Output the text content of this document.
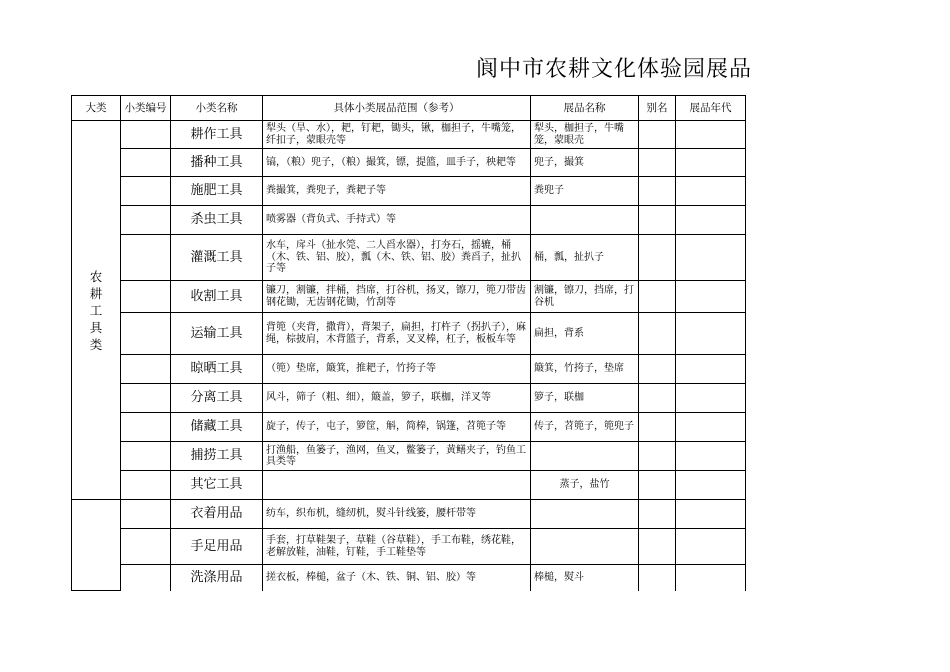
阆中市农耕文化体验园展品
大类	小类编号	小类名称	具体小类展品范围（参考）	展品名称	别名	展品年代
农耕工具类		耕作工具	犁头（旱、水），耙，钉耙，锄头，锹，枷担子，牛嘴笼，纤扣子，蒙眼壳等	犁头，枷担子，牛嘴笼，蒙眼壳		
		播种工具	镐，（粮）兜子，（粮）撮箕，镖，提篮，皿手子，秧耙等	兜子，撮箕		
		施肥工具	粪撮箕，粪兜子，粪耙子等	粪兜子		
		杀虫工具	喷雾器（背负式、手持式）等			
		灌溉工具	水车，戽斗（扯水筦、二人舀水器），打夯石，摇辘，桶（木、铁、铝、胶），瓢（木、铁、铝、胶）粪舀子，扯扒子等	桶，瓢，扯扒子		
		收割工具	镰刀，割镰，拌桶，挡席，打谷机，扬叉，镲刀，篼刀带齿钢花锄，无齿钢花锄，竹刮等	割镰，镲刀，挡席，打谷机		
		运输工具	背篼（夹背，撒背），背架子，扁担，打杵子（拐扒子），麻绳，棕披肩，木背篮子，背系，叉叉棒，杠子，板板车等	扁担，背系		
		晾晒工具	（篼）垫席，簸箕，推耙子，竹挎子等	簸箕，竹挎子，垫席		
		分离工具	风斗，筛子（粗、细），簸盖，箩子，联枷，洋叉等	箩子，联枷		
		储藏工具	旋子，传子，屯子，箩筐，斛，简棒，锅篷，苕篼子等	传子，苕篼子，篼兜子		
		捕捞工具	打渔船，鱼篓子，渔网，鱼叉，鳖篓子，黄鳝夹子，钓鱼工具类等			
		其它工具		蒸子，盐竹		
		衣着用品	纺车，织布机，缝纫机，熨斗针线篓，腰杆带等			
		手足用品	手套，打草鞋架子，草鞋（谷草鞋），手工布鞋，绣花鞋，老解放鞋，油鞋，钉鞋，手工鞋垫等			
		洗涤用品	搓衣板，棒槌，盆子（木、铁、铜、铝、胶）等	棒槌，熨斗		
